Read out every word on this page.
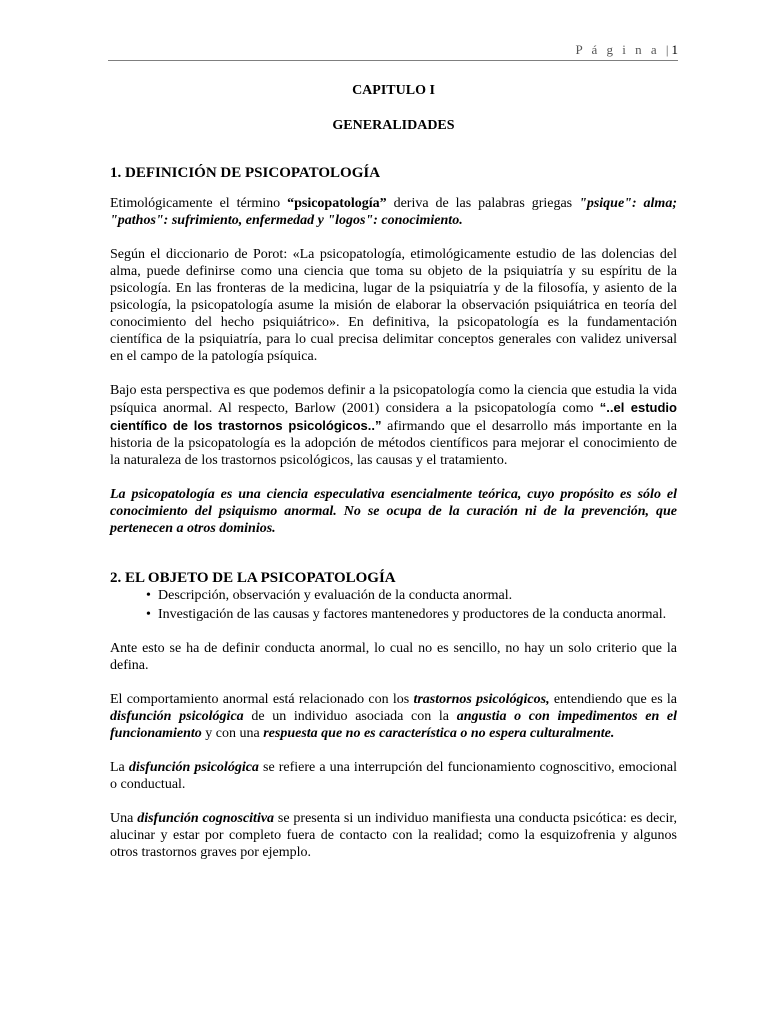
P á g i n a |1
CAPITULO I
GENERALIDADES
1. DEFINICIÓN DE PSICOPATOLOGÍA

Etimológicamente el término “psicopatología” deriva de las palabras griegas "psique": alma; "pathos": sufrimiento, enfermedad y "logos": conocimiento.

Según el diccionario de Porot: «La psicopatología, etimológicamente estudio de las dolencias del alma, puede definirse como una ciencia que toma su objeto de la psiquiatría y su espíritu de la psicología. En las fronteras de la medicina, lugar de la psiquiatría y de la filosofía, y asiento de la psicología, la psicopatología asume la misión de elaborar la observación psiquiátrica en teoría del conocimiento del hecho psiquiátrico». En definitiva, la psicopatología es la fundamentación científica de la psiquiatría, para lo cual precisa delimitar conceptos generales con validez universal en el campo de la patología psíquica.

Bajo esta perspectiva es que podemos definir a la psicopatología como la ciencia que estudia la vida psíquica anormal. Al respecto, Barlow (2001) considera a la psicopatología como “..el estudio científico de los trastornos psicológicos..” afirmando que el desarrollo más importante en la historia de la psicopatología es la adopción de métodos científicos para mejorar el conocimiento de la naturaleza de los trastornos psicológicos, las causas y el tratamiento.

La psicopatología es una ciencia especulativa esencialmente teórica, cuyo propósito es sólo el conocimiento del psiquismo anormal. No se ocupa de la curación ni de la prevención, que pertenecen a otros dominios.

2. EL OBJETO DE LA PSICOPATOLOGÍA
• Descripción, observación y evaluación de la conducta anormal.
• Investigación de las causas y factores mantenedores y productores de la conducta anormal.

Ante esto se ha de definir conducta anormal, lo cual no es sencillo, no hay un solo criterio que la defina.

El comportamiento anormal está relacionado con los trastornos psicológicos, entendiendo que es la disfunción psicológica de un individuo asociada con la angustia o con impedimentos en el funcionamiento y con una respuesta que no es característica o no espera culturalmente.

La disfunción psicológica se refiere a una interrupción del funcionamiento cognoscitivo, emocional o conductual.

Una disfunción cognoscitiva se presenta si un individuo manifiesta una conducta psicótica: es decir, alucinar y estar por completo fuera de contacto con la realidad; como la esquizofrenia y algunos otros trastornos graves por ejemplo.
